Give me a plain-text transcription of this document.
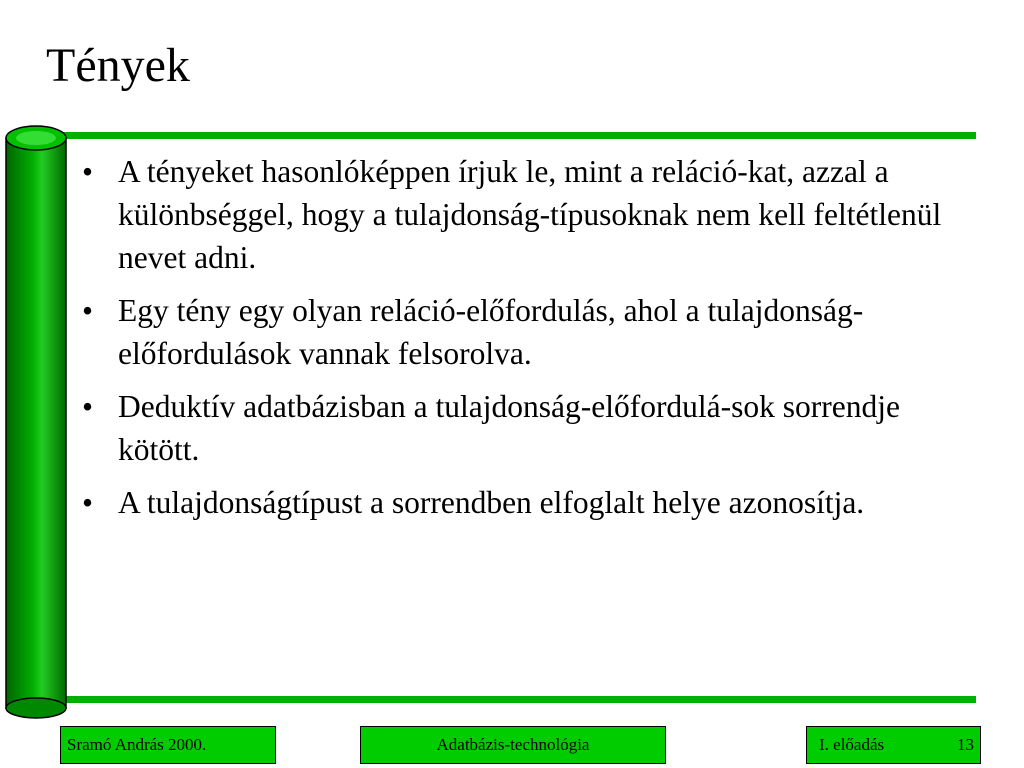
Tények
• A tényeket hasonlóképpen írjuk le, mint a reláció-kat, azzal a különbséggel, hogy a tulajdonság-típusoknak nem kell feltétlenül nevet adni.
• Egy tény egy olyan reláció-előfordulás, ahol a tulajdonság-előfordulások vannak felsorolva.
• Deduktív adatbázisban a tulajdonság-előfordulá-sok sorrendje kötött.
• A tulajdonságtípust a sorrendben elfoglalt helye azonosítja.
Sramó András 2000.	Adatbázis-technológia	I. előadás	13
